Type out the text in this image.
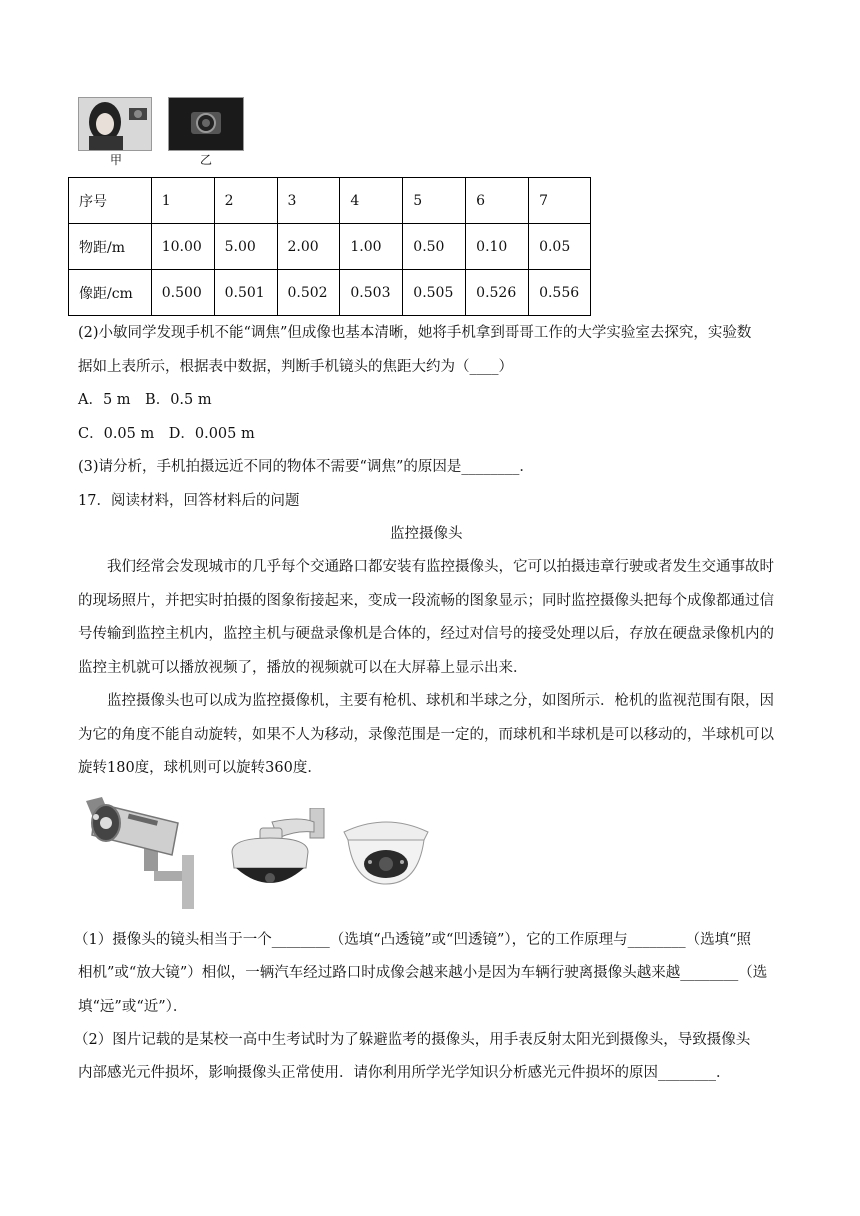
甲	乙
序号	1	2	3	4	5	6	7
物距/m	10.00	5.00	2.00	1.00	0.50	0.10	0.05
像距/cm	0.500	0.501	0.502	0.503	0.505	0.526	0.556
(2)小敏同学发现手机不能“调焦”但成像也基本清晰，她将手机拿到哥哥工作的大学实验室去探究，实验数
据如上表所示，根据表中数据，判断手机镜头的焦距大约为（____）
A．5 m　B．0.5 m
C．0.05 m　D．0.005 m
(3)请分析，手机拍摄远近不同的物体不需要“调焦”的原因是________．
17．阅读材料，回答材料后的问题
监控摄像头
我们经常会发现城市的几乎每个交通路口都安装有监控摄像头，它可以拍摄违章行驶或者发生交通事故时的现场照片，并把实时拍摄的图象衔接起来，变成一段流畅的图象显示；同时监控摄像头把每个成像都通过信号传输到监控主机内，监控主机与硬盘录像机是合体的，经过对信号的接受处理以后，存放在硬盘录像机内的监控主机就可以播放视频了，播放的视频就可以在大屏幕上显示出来．
监控摄像头也可以成为监控摄像机，主要有枪机、球机和半球之分，如图所示．枪机的监视范围有限，因为它的角度不能自动旋转，如果不人为移动，录像范围是一定的，而球机和半球机是可以移动的，半球机可以旋转180度，球机则可以旋转360度．
（1）摄像头的镜头相当于一个________（选填“凸透镜”或“凹透镜”），它的工作原理与________（选填“照
相机”或“放大镜”）相似，一辆汽车经过路口时成像会越来越小是因为车辆行驶离摄像头越来越________（选
填“远”或“近”）．
（2）图片记载的是某校一高中生考试时为了躲避监考的摄像头，用手表反射太阳光到摄像头，导致摄像头
内部感光元件损坏，影响摄像头正常使用．请你利用所学光学知识分析感光元件损坏的原因________．
